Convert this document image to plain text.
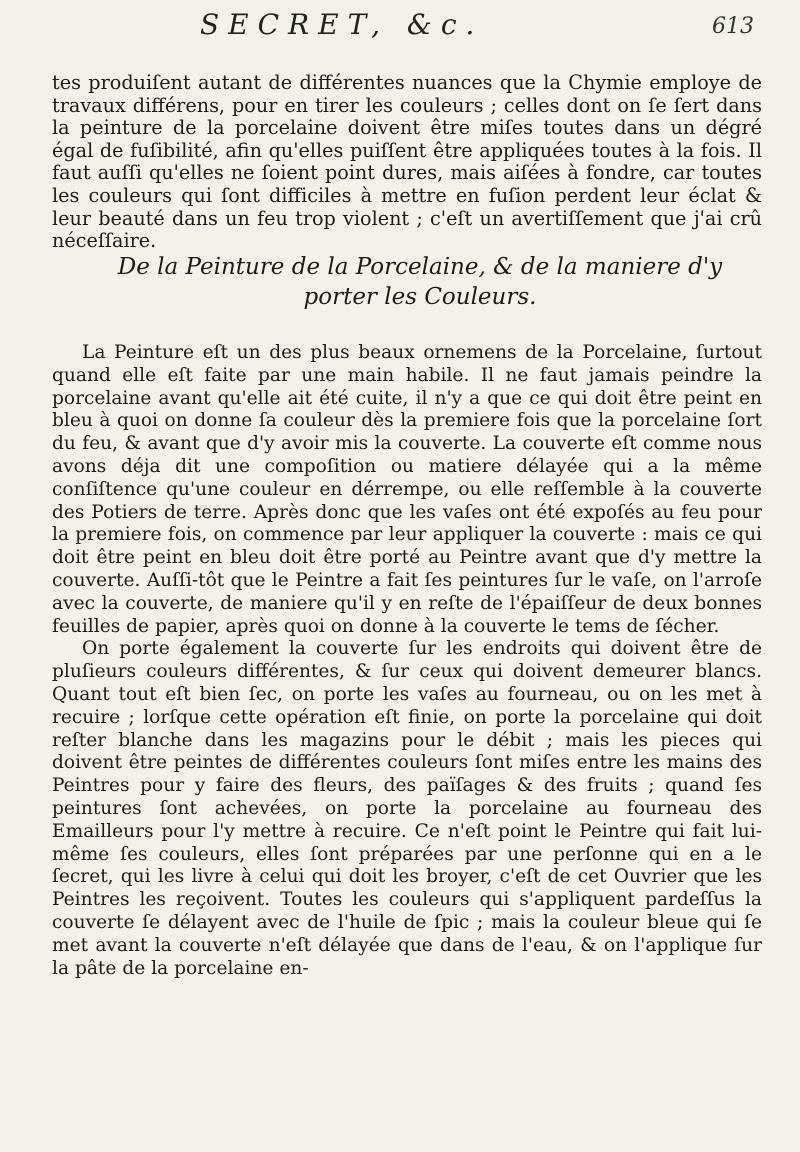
SECRET, &c.	613

tes produiſent autant de différentes nuances que la Chymie employe de travaux différens, pour en tirer les couleurs ; celles dont on ſe ſert dans la peinture de la porcelaine doivent être miſes toutes dans un dégré égal de fuſibilité, afin qu'elles puiſſent être appliquées toutes à la fois. Il faut auſſi qu'elles ne ſoient point dures, mais aiſées à fondre, car toutes les couleurs qui ſont difficiles à mettre en fuſion perdent leur éclat & leur beauté dans un feu trop violent ; c'eſt un avertiſſement que j'ai crû néceſſaire.

De la Peinture de la Porcelaine, & de la maniere d'y
porter les Couleurs.

La Peinture eſt un des plus beaux ornemens de la Porcelaine, ſurtout quand elle eſt faite par une main habile. Il ne faut jamais peindre la porcelaine avant qu'elle ait été cuite, il n'y a que ce qui doit être peint en bleu à quoi on donne ſa couleur dès la premiere fois que la porcelaine ſort du feu, & avant que d'y avoir mis la couverte. La couverte eſt comme nous avons déja dit une compoſition ou matiere délayée qui a la même conſiſtence qu'une couleur en dérrempe, ou elle reſſemble à la couverte des Potiers de terre. Après donc que les vaſes ont été expoſés au feu pour la premiere fois, on commence par leur appliquer la couverte : mais ce qui doit être peint en bleu doit être porté au Peintre avant que d'y mettre la couverte. Auſſi-tôt que le Peintre a fait ſes peintures ſur le vaſe, on l'arroſe avec la couverte, de maniere qu'il y en reſte de l'épaiſſeur de deux bonnes feuilles de papier, après quoi on donne à la couverte le tems de ſécher.

On porte également la couverte ſur les endroits qui doivent être de pluſieurs couleurs différentes, & ſur ceux qui doivent demeurer blancs. Quant tout eſt bien ſec, on porte les vaſes au fourneau, ou on les met à recuire ; lorſque cette opération eſt finie, on porte la porcelaine qui doit reſter blanche dans les magazins pour le débit ; mais les pieces qui doivent être peintes de différentes couleurs ſont miſes entre les mains des Peintres pour y faire des fleurs, des païſages & des fruits ; quand ſes peintures ſont achevées, on porte la porcelaine au fourneau des Emailleurs pour l'y mettre à recuire. Ce n'eſt point le Peintre qui fait lui-même ſes couleurs, elles ſont préparées par une perſonne qui en a le ſecret, qui les livre à celui qui doit les broyer, c'eſt de cet Ouvrier que les Peintres les reçoivent. Toutes les couleurs qui s'appliquent pardeſſus la couverte ſe délayent avec de l'huile de ſpic ; mais la couleur bleue qui ſe met avant la couverte n'eſt délayée que dans de l'eau, & on l'applique ſur la pâte de la porcelaine en-
